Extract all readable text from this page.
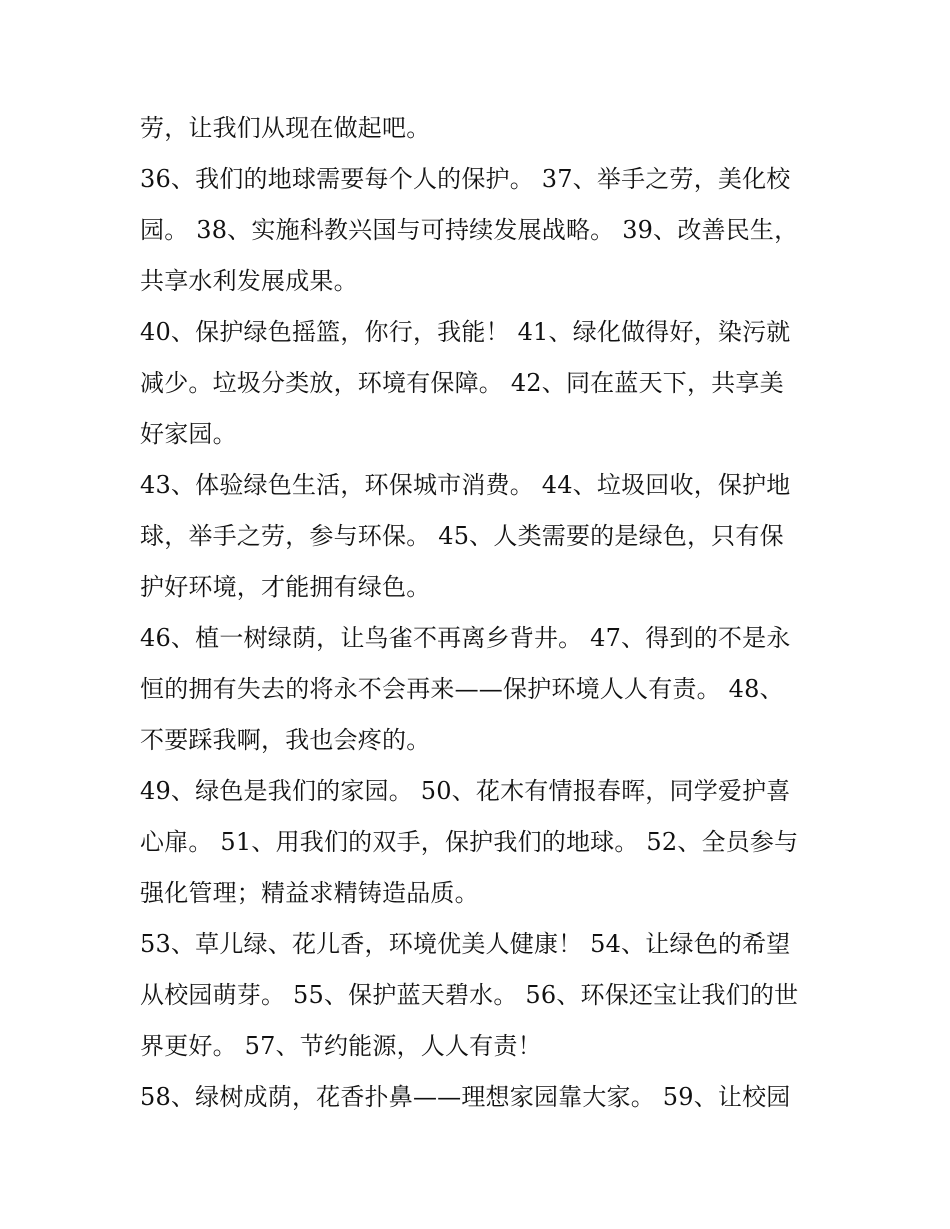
劳，让我们从现在做起吧。
36、我们的地球需要每个人的保护。 37、举手之劳，美化校
园。 38、实施科教兴国与可持续发展战略。 39、改善民生，
共享水利发展成果。
40、保护绿色摇篮，你行，我能！ 41、绿化做得好，染污就
减少。垃圾分类放，环境有保障。 42、同在蓝天下，共享美
好家园。
43、体验绿色生活，环保城市消费。 44、垃圾回收，保护地
球，举手之劳，参与环保。 45、人类需要的是绿色，只有保
护好环境，才能拥有绿色。
46、植一树绿荫，让鸟雀不再离乡背井。 47、得到的不是永
恒的拥有失去的将永不会再来——保护环境人人有责。 48、
不要踩我啊，我也会疼的。
49、绿色是我们的家园。 50、花木有情报春晖，同学爱护喜
心扉。 51、用我们的双手，保护我们的地球。 52、全员参与
强化管理；精益求精铸造品质。
53、草儿绿、花儿香，环境优美人健康！ 54、让绿色的希望
从校园萌芽。 55、保护蓝天碧水。 56、环保还宝让我们的世
界更好。 57、节约能源，人人有责！
58、绿树成荫，花香扑鼻——理想家园靠大家。 59、让校园
